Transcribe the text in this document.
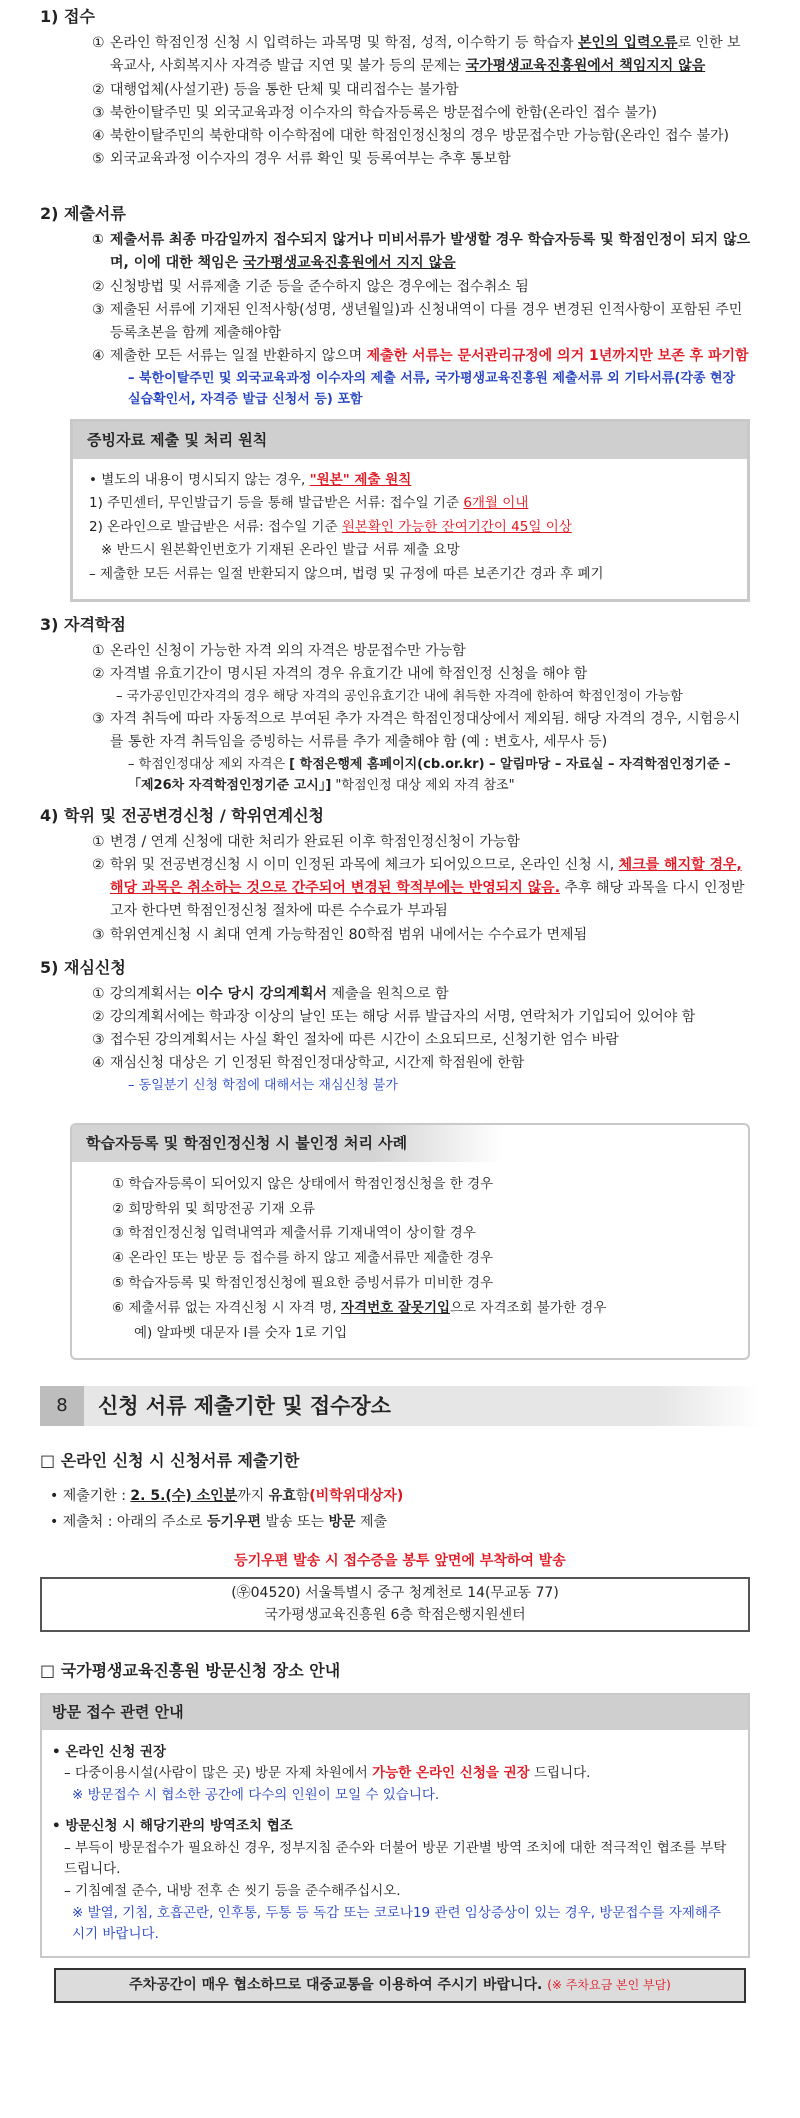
1) 접수
① 온라인 학점인정 신청 시 입력하는 과목명 및 학점, 성적, 이수학기 등 학습자 본인의 입력오류로 인한 보육교사, 사회복지사 자격증 발급 지연 및 불가 등의 문제는 국가평생교육진흥원에서 책임지지 않음
② 대행업체(사설기관) 등을 통한 단체 및 대리접수는 불가함
③ 북한이탈주민 및 외국교육과정 이수자의 학습자등록은 방문접수에 한함(온라인 접수 불가)
④ 북한이탈주민의 북한대학 이수학점에 대한 학점인정신청의 경우 방문접수만 가능함(온라인 접수 불가)
⑤ 외국교육과정 이수자의 경우 서류 확인 및 등록여부는 추후 통보함
2) 제출서류
① 제출서류 최종 마감일까지 접수되지 않거나 미비서류가 발생할 경우 학습자등록 및 학점인정이 되지 않으며, 이에 대한 책임은 국가평생교육진흥원에서 지지 않음
② 신청방법 및 서류제출 기준 등을 준수하지 않은 경우에는 접수취소 됨
③ 제출된 서류에 기재된 인적사항(성명, 생년월일)과 신청내역이 다를 경우 변경된 인적사항이 포함된 주민등록초본을 함께 제출해야함
④ 제출한 모든 서류는 일절 반환하지 않으며 제출한 서류는 문서관리규정에 의거 1년까지만 보존 후 파기함
– 북한이탈주민 및 외국교육과정 이수자의 제출 서류, 국가평생교육진흥원 제출서류 외 기타서류(각종 현장 실습확인서, 자격증 발급 신청서 등) 포함
증빙자료 제출 및 처리 원칙
• 별도의 내용이 명시되지 않는 경우, "원본" 제출 원칙
1) 주민센터, 무인발급기 등을 통해 발급받은 서류: 접수일 기준 6개월 이내
2) 온라인으로 발급받은 서류: 접수일 기준 원본확인 가능한 잔여기간이 45일 이상
※ 반드시 원본확인번호가 기재된 온라인 발급 서류 제출 요망
– 제출한 모든 서류는 일절 반환되지 않으며, 법령 및 규정에 따른 보존기간 경과 후 폐기
3) 자격학점
① 온라인 신청이 가능한 자격 외의 자격은 방문접수만 가능함
② 자격별 유효기간이 명시된 자격의 경우 유효기간 내에 학점인정 신청을 해야 함
– 국가공인민간자격의 경우 해당 자격의 공인유효기간 내에 취득한 자격에 한하여 학점인정이 가능함
③ 자격 취득에 따라 자동적으로 부여된 추가 자격은 학점인정대상에서 제외됨. 해당 자격의 경우, 시험응시를 통한 자격 취득임을 증빙하는 서류를 추가 제출해야 함 (예 : 변호사, 세무사 등)
– 학점인정대상 제외 자격은 [ 학점은행제 홈페이지(cb.or.kr) – 알림마당 – 자료실 – 자격학점인정기준 – 「제26차 자격학점인정기준 고시」] "학점인정 대상 제외 자격 참조"
4) 학위 및 전공변경신청 / 학위연계신청
① 변경 / 연계 신청에 대한 처리가 완료된 이후 학점인정신청이 가능함
② 학위 및 전공변경신청 시 이미 인정된 과목에 체크가 되어있으므로, 온라인 신청 시, 체크를 해지할 경우, 해당 과목은 취소하는 것으로 간주되어 변경된 학적부에는 반영되지 않음. 추후 해당 과목을 다시 인정받고자 한다면 학점인정신청 절차에 따른 수수료가 부과됨
③ 학위연계신청 시 최대 연계 가능학점인 80학점 범위 내에서는 수수료가 면제됨
5) 재심신청
① 강의계획서는 이수 당시 강의계획서 제출을 원칙으로 함
② 강의계획서에는 학과장 이상의 날인 또는 해당 서류 발급자의 서명, 연락처가 기입되어 있어야 함
③ 접수된 강의계획서는 사실 확인 절차에 따른 시간이 소요되므로, 신청기한 엄수 바람
④ 재심신청 대상은 기 인정된 학점인정대상학교, 시간제 학점원에 한함
– 동일분기 신청 학점에 대해서는 재심신청 불가
학습자등록 및 학점인정신청 시 불인정 처리 사례
① 학습자등록이 되어있지 않은 상태에서 학점인정신청을 한 경우
② 희망학위 및 희망전공 기재 오류
③ 학점인정신청 입력내역과 제출서류 기재내역이 상이할 경우
④ 온라인 또는 방문 등 접수를 하지 않고 제출서류만 제출한 경우
⑤ 학습자등록 및 학점인정신청에 필요한 증빙서류가 미비한 경우
⑥ 제출서류 없는 자격신청 시 자격 명, 자격번호 잘못기입으로 자격조회 불가한 경우
예) 알파벳 대문자 I를 숫자 1로 기입
8	신청 서류 제출기한 및 접수장소
□ 온라인 신청 시 신청서류 제출기한
• 제출기한 : 2. 5.(수) 소인분까지 유효함(비학위대상자)
• 제출처 : 아래의 주소로 등기우편 발송 또는 방문 제출
등기우편 발송 시 접수증을 봉투 앞면에 부착하여 발송
(㉾04520) 서울특별시 중구 청계천로 14(무교동 77)
국가평생교육진흥원 6층 학점은행지원센터
□ 국가평생교육진흥원 방문신청 장소 안내
방문 접수 관련 안내
• 온라인 신청 권장
– 다중이용시설(사람이 많은 곳) 방문 자제 차원에서 가능한 온라인 신청을 권장 드립니다.
※ 방문접수 시 협소한 공간에 다수의 인원이 모일 수 있습니다.
• 방문신청 시 해당기관의 방역조치 협조
– 부득이 방문접수가 필요하신 경우, 정부지침 준수와 더불어 방문 기관별 방역 조치에 대한 적극적인 협조를 부탁드립니다.
– 기침예절 준수, 내방 전후 손 씻기 등을 준수해주십시오.
※ 발열, 기침, 호흡곤란, 인후통, 두통 등 독감 또는 코로나19 관련 임상증상이 있는 경우, 방문접수를 자제해주시기 바랍니다.
주차공간이 매우 협소하므로 대중교통을 이용하여 주시기 바랍니다. (※ 주차요금 본인 부담)
